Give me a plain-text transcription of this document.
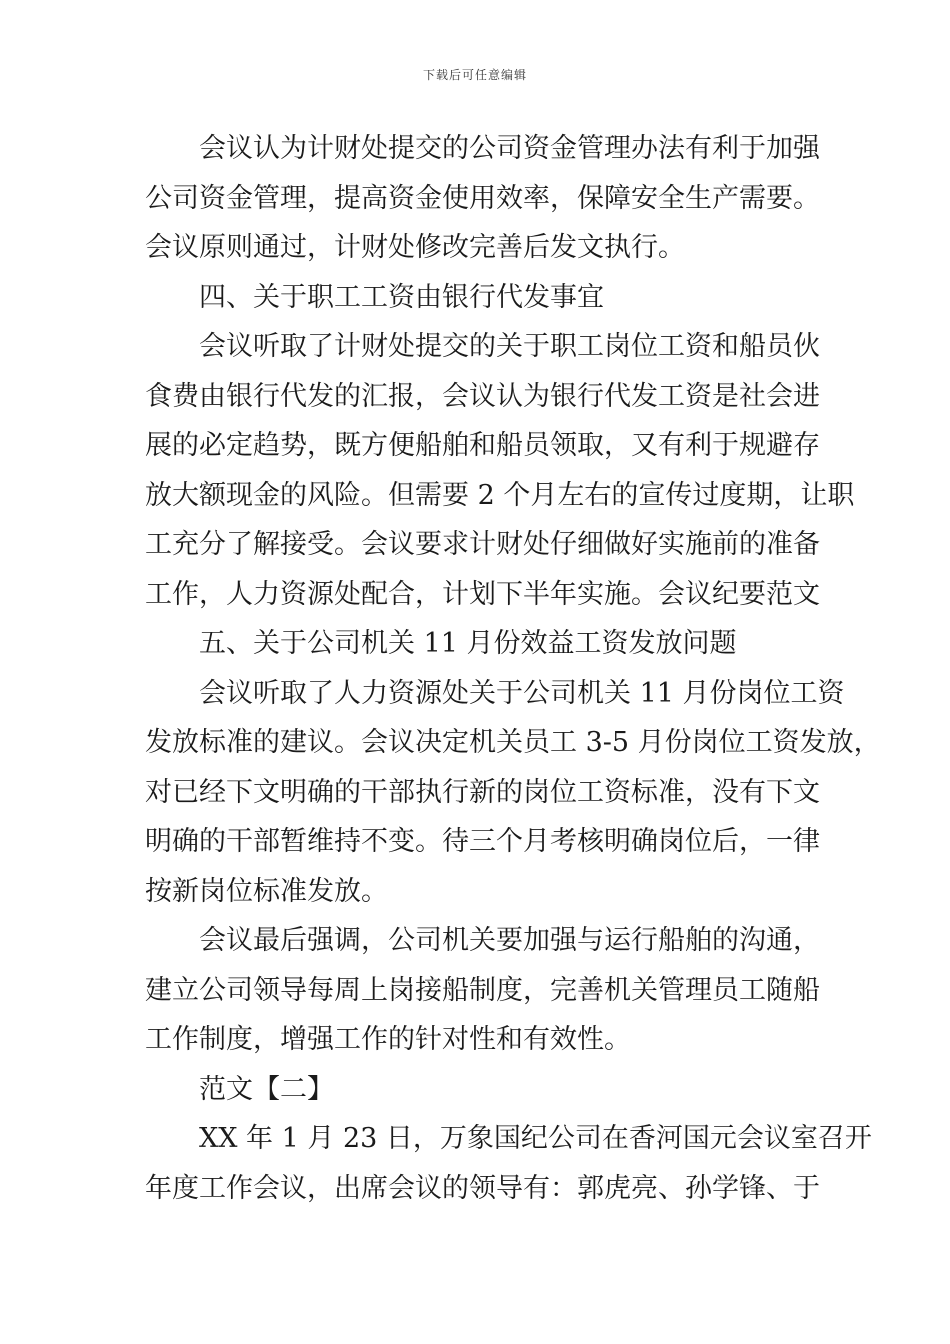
下载后可任意编辑

会议认为计财处提交的公司资金管理办法有利于加强
公司资金管理，提高资金使用效率，保障安全生产需要。
会议原则通过，计财处修改完善后发文执行。

四、关于职工工资由银行代发事宜

会议听取了计财处提交的关于职工岗位工资和船员伙
食费由银行代发的汇报，会议认为银行代发工资是社会进
展的必定趋势，既方便船舶和船员领取，又有利于规避存
放大额现金的风险。但需要 2 个月左右的宣传过度期，让职
工充分了解接受。会议要求计财处仔细做好实施前的准备
工作，人力资源处配合，计划下半年实施。会议纪要范文

五、关于公司机关 11 月份效益工资发放问题

会议听取了人力资源处关于公司机关 11 月份岗位工资
发放标准的建议。会议决定机关员工 3-5 月份岗位工资发放，
对已经下文明确的干部执行新的岗位工资标准，没有下文
明确的干部暂维持不变。待三个月考核明确岗位后，一律
按新岗位标准发放。

会议最后强调，公司机关要加强与运行船舶的沟通，
建立公司领导每周上岗接船制度，完善机关管理员工随船
工作制度，增强工作的针对性和有效性。

范文【二】

XX 年 1 月 23 日，万象国纪公司在香河国元会议室召开
年度工作会议，出席会议的领导有：郭虎亮、孙学锋、于
